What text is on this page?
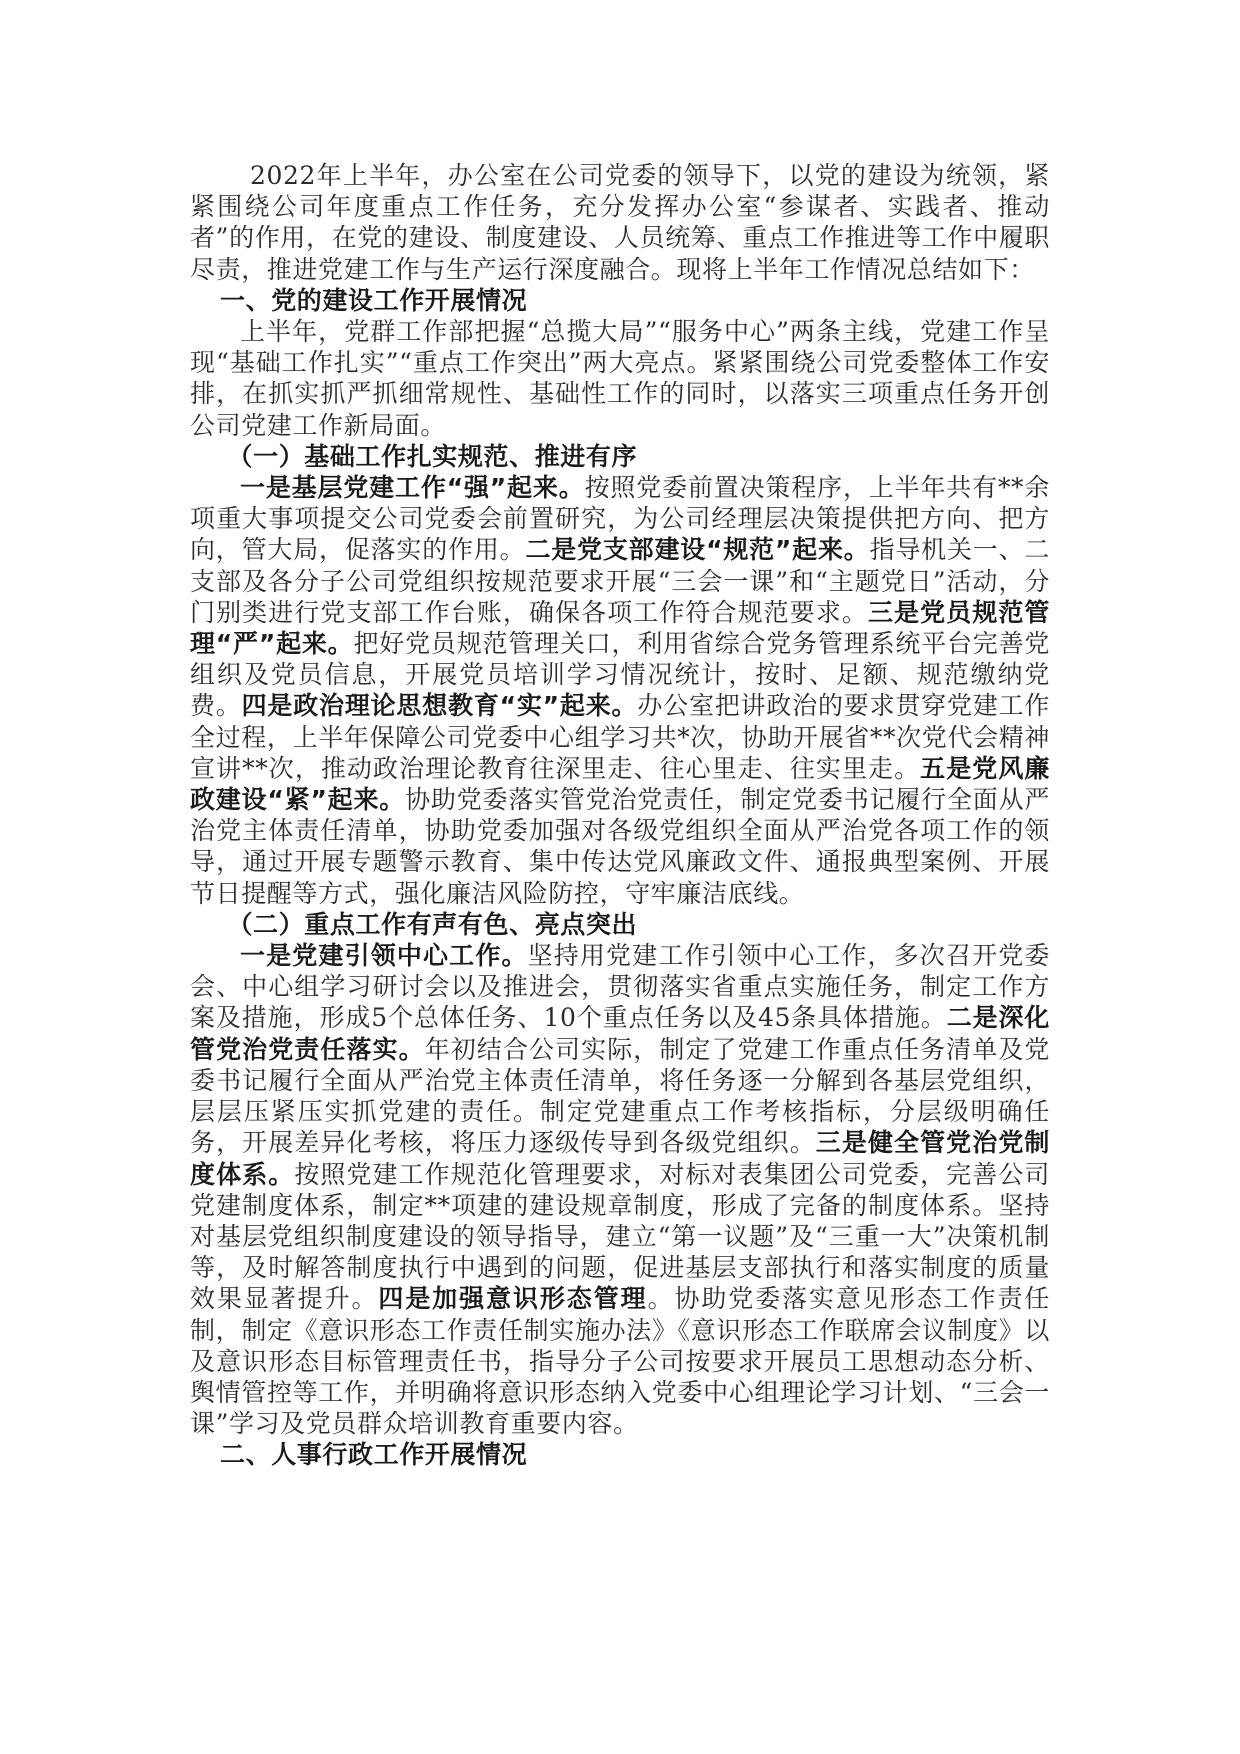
2022年上半年，办公室在公司党委的领导下，以党的建设为统领，紧紧围绕公司年度重点工作任务，充分发挥办公室“参谋者、实践者、推动者”的作用，在党的建设、制度建设、人员统筹、重点工作推进等工作中履职尽责，推进党建工作与生产运行深度融合。现将上半年工作情况总结如下：

一、党的建设工作开展情况

上半年，党群工作部把握“总揽大局”“服务中心”两条主线，党建工作呈现“基础工作扎实”“重点工作突出”两大亮点。紧紧围绕公司党委整体工作安排，在抓实抓严抓细常规性、基础性工作的同时，以落实三项重点任务开创公司党建工作新局面。

（一）基础工作扎实规范、推进有序

一是基层党建工作“强”起来。按照党委前置决策程序，上半年共有**余项重大事项提交公司党委会前置研究，为公司经理层决策提供把方向、把方向，管大局，促落实的作用。二是党支部建设“规范”起来。指导机关一、二支部及各分子公司党组织按规范要求开展“三会一课”和“主题党日”活动，分门别类进行党支部工作台账，确保各项工作符合规范要求。三是党员规范管理“严”起来。把好党员规范管理关口，利用省综合党务管理系统平台完善党组织及党员信息，开展党员培训学习情况统计，按时、足额、规范缴纳党费。四是政治理论思想教育“实”起来。办公室把讲政治的要求贯穿党建工作全过程，上半年保障公司党委中心组学习共*次，协助开展省**次党代会精神宣讲**次，推动政治理论教育往深里走、往心里走、往实里走。五是党风廉政建设“紧”起来。协助党委落实管党治党责任，制定党委书记履行全面从严治党主体责任清单，协助党委加强对各级党组织全面从严治党各项工作的领导，通过开展专题警示教育、集中传达党风廉政文件、通报典型案例、开展节日提醒等方式，强化廉洁风险防控，守牢廉洁底线。

（二）重点工作有声有色、亮点突出

一是党建引领中心工作。坚持用党建工作引领中心工作，多次召开党委会、中心组学习研讨会以及推进会，贯彻落实省重点实施任务，制定工作方案及措施，形成5个总体任务、10个重点任务以及45条具体措施。二是深化管党治党责任落实。年初结合公司实际，制定了党建工作重点任务清单及党委书记履行全面从严治党主体责任清单，将任务逐一分解到各基层党组织，层层压紧压实抓党建的责任。制定党建重点工作考核指标，分层级明确任务，开展差异化考核，将压力逐级传导到各级党组织。三是健全管党治党制度体系。按照党建工作规范化管理要求，对标对表集团公司党委，完善公司党建制度体系，制定**项建的建设规章制度，形成了完备的制度体系。坚持对基层党组织制度建设的领导指导，建立“第一议题”及“三重一大”决策机制等，及时解答制度执行中遇到的问题，促进基层支部执行和落实制度的质量效果显著提升。四是加强意识形态管理。协助党委落实意见形态工作责任制，制定《意识形态工作责任制实施办法》《意识形态工作联席会议制度》以及意识形态目标管理责任书，指导分子公司按要求开展员工思想动态分析、舆情管控等工作，并明确将意识形态纳入党委中心组理论学习计划、“三会一课”学习及党员群众培训教育重要内容。

二、人事行政工作开展情况
